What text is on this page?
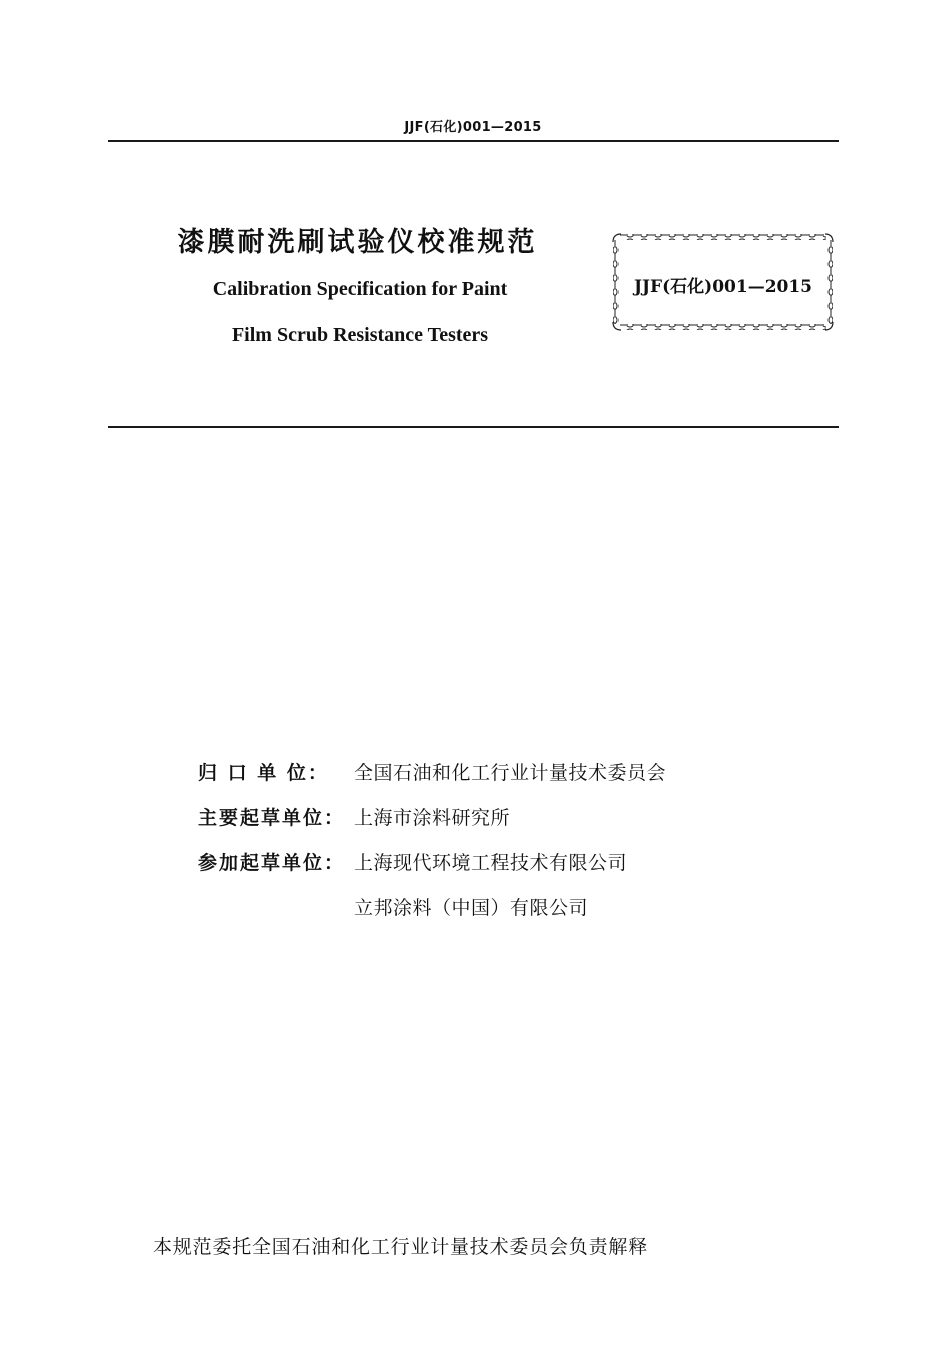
JJF(石化)001—2015
漆膜耐洗刷试验仪校准规范
Calibration Specification for Paint
Film Scrub Resistance Testers
JJF(石化)001—2015
归 口 单 位：	全国石油和化工行业计量技术委员会
主要起草单位： 上海市涂料研究所
参加起草单位： 上海现代环境工程技术有限公司
立邦涂料（中国）有限公司
本规范委托全国石油和化工行业计量技术委员会负责解释
